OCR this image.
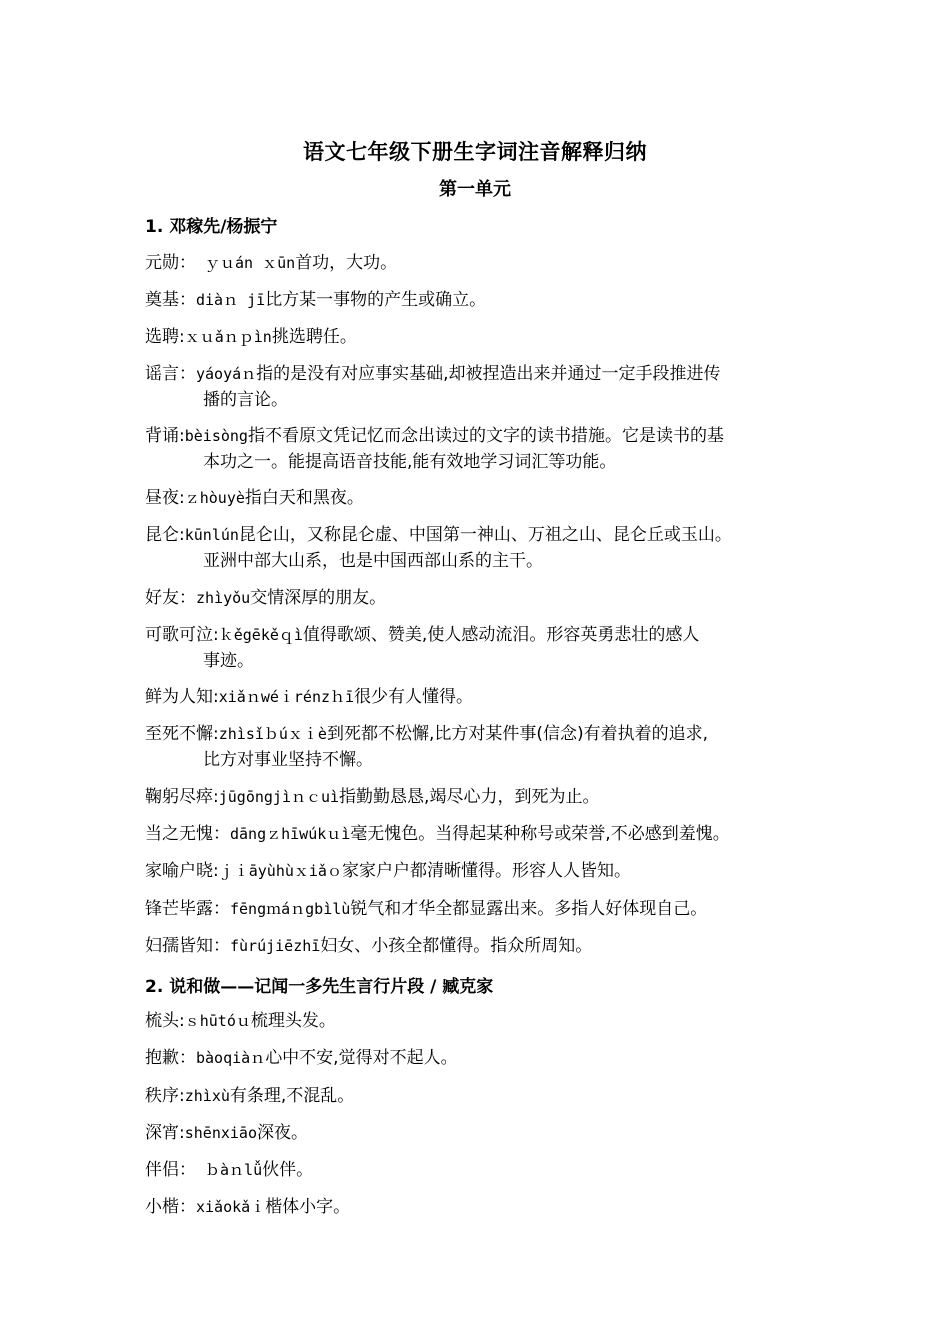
语文七年级下册生字词注音解释归纳
第一单元
1. 邓稼先/杨振宁
元勋： ｙｕán ｘūn首功，大功。
奠基：diàｎ jī比方某一事物的产生或确立。
选聘:ｘｕǎｎｐìn挑选聘任。
谣言：yáoyáｎ指的是没有对应事实基础,却被捏造出来并通过一定手段推进传
播的言论。
背诵:bèisòng指不看原文凭记忆而念出读过的文字的读书措施。它是读书的基
本功之一。能提高语音技能,能有效地学习词汇等功能。
昼夜:ｚhòuyè指白天和黑夜。
昆仑:kūnlún昆仑山，又称昆仑虚、中国第一神山、万祖之山、昆仑丘或玉山。
亚洲中部大山系，也是中国西部山系的主干。
好友：zhìyǒu交情深厚的朋友。
可歌可泣:ｋěgēkěｑì值得歌颂、赞美,使人感动流泪。形容英勇悲壮的感人
事迹。
鲜为人知:xiǎｎwéｉrénzｈī很少有人懂得。
至死不懈:zhìsǐｂúｘｉè到死都不松懈,比方对某件事(信念)有着执着的追求,
比方对事业坚持不懈。
鞠躬尽瘁:jūgōngjìｎｃuì指勤勤恳恳,竭尽心力，到死为止。
当之无愧：dāngｚhīwúkｕì毫无愧色。当得起某种称号或荣誉,不必感到羞愧。
家喻户晓:ｊｉāyùhùｘiǎｏ家家户户都清晰懂得。形容人人皆知。
锋芒毕露：fēngｍáｎgbìlù锐气和才华全都显露出来。多指人好体现自己。
妇孺皆知：fùrújiēzhī妇女、小孩全都懂得。指众所周知。
2. 说和做——记闻一多先生言行片段 / 臧克家
梳头:ｓhūtóｕ梳理头发。
抱歉：bàoqiàｎ心中不安,觉得对不起人。
秩序:zhìxù有条理,不混乱。
深宵:shēnxiāo深夜。
伴侣： ｂàｎlǚ伙伴。
小楷：xiǎokǎｉ楷体小字。
